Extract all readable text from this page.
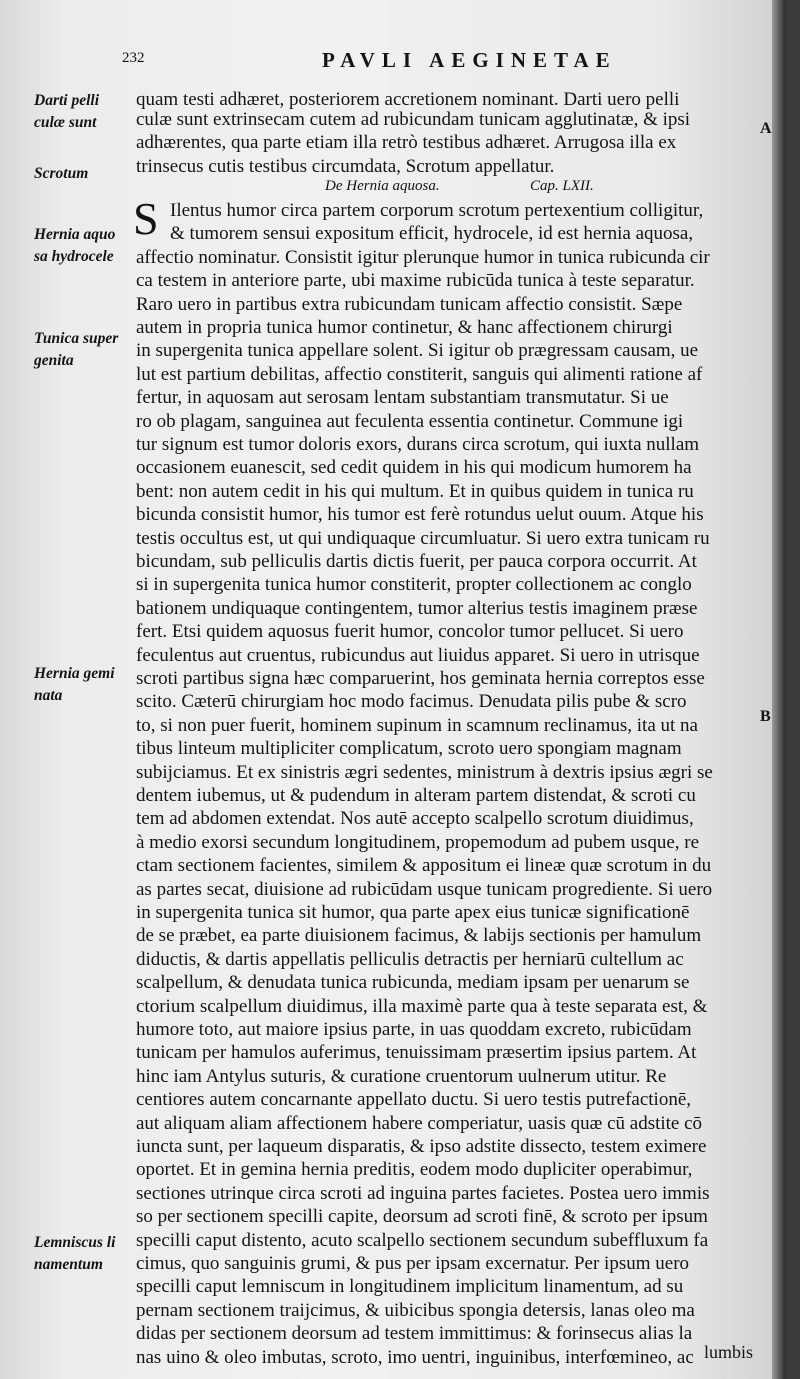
232	PAVLI AEGINETAE
A
B
Darti pelli
culæ sunt
Scrotum
Hernia aquo
sa hydrocele
Tunica super
genita
Hernia gemi
nata
Lemniscus li
namentum
De Hernia aquosa.	Cap. LXII.
S
quam testi adhæret, posteriorem accretionem nominant. Darti uero pelli
culæ sunt extrinsecam cutem ad rubicundam tunicam agglutinatæ, & ipsi
adhærentes, qua parte etiam illa retrò testibus adhæret. Arrugosa illa ex
trinsecus cutis testibus circumdata, Scrotum appellatur.
Ilentus humor circa partem corporum scrotum pertexentium colligitur,
& tumorem sensui expositum efficit, hydrocele, id est hernia aquosa,
affectio nominatur. Consistit igitur plerunque humor in tunica rubicunda cir
ca testem in anteriore parte, ubi maxime rubicūda tunica à teste separatur.
Raro uero in partibus extra rubicundam tunicam affectio consistit. Sæpe
autem in propria tunica humor continetur, & hanc affectionem chirurgi
in supergenita tunica appellare solent. Si igitur ob prægressam causam, ue
lut est partium debilitas, affectio constiterit, sanguis qui alimenti ratione af
fertur, in aquosam aut serosam lentam substantiam transmutatur. Si ue
ro ob plagam, sanguinea aut feculenta essentia continetur. Commune igi
tur signum est tumor doloris exors, durans circa scrotum, qui iuxta nullam
occasionem euanescit, sed cedit quidem in his qui modicum humorem ha
bent: non autem cedit in his qui multum. Et in quibus quidem in tunica ru
bicunda consistit humor, his tumor est ferè rotundus uelut ouum. Atque his
testis occultus est, ut qui undiquaque circumluatur. Si uero extra tunicam ru
bicundam, sub pelliculis dartis dictis fuerit, per pauca corpora occurrit. At
si in supergenita tunica humor constiterit, propter collectionem ac conglo
bationem undiquaque contingentem, tumor alterius testis imaginem præse
fert. Etsi quidem aquosus fuerit humor, concolor tumor pellucet. Si uero
feculentus aut cruentus, rubicundus aut liuidus apparet. Si uero in utrisque
scroti partibus signa hæc comparuerint, hos geminata hernia correptos esse
scito. Cæterū chirurgiam hoc modo facimus. Denudata pilis pube & scro
to, si non puer fuerit, hominem supinum in scamnum reclinamus, ita ut na
tibus linteum multipliciter complicatum, scroto uero spongiam magnam
subijciamus. Et ex sinistris ægri sedentes, ministrum à dextris ipsius ægri se
dentem iubemus, ut & pudendum in alteram partem distendat, & scroti cu
tem ad abdomen extendat. Nos autē accepto scalpello scrotum diuidimus,
à medio exorsi secundum longitudinem, propemodum ad pubem usque, re
ctam sectionem facientes, similem & appositum ei lineæ quæ scrotum in du
as partes secat, diuisione ad rubicūdam usque tunicam progrediente. Si uero
in supergenita tunica sit humor, qua parte apex eius tunicæ significationē
de se præbet, ea parte diuisionem facimus, & labijs sectionis per hamulum
diductis, & dartis appellatis pelliculis detractis per herniarū cultellum ac
scalpellum, & denudata tunica rubicunda, mediam ipsam per uenarum se
ctorium scalpellum diuidimus, illa maximè parte qua à teste separata est, &
humore toto, aut maiore ipsius parte, in uas quoddam excreto, rubicūdam
tunicam per hamulos auferimus, tenuissimam præsertim ipsius partem. At
hinc iam Antylus suturis, & curatione cruentorum uulnerum utitur. Re
centiores autem concarnante appellato ductu. Si uero testis putrefactionē,
aut aliquam aliam affectionem habere comperiatur, uasis quæ cū adstite cō
iuncta sunt, per laqueum disparatis, & ipso adstite dissecto, testem eximere
oportet. Et in gemina hernia preditis, eodem modo dupliciter operabimur,
sectiones utrinque circa scroti ad inguina partes facietes. Postea uero immis
so per sectionem specilli capite, deorsum ad scroti finē, & scroto per ipsum
specilli caput distento, acuto scalpello sectionem secundum subeffluxum fa
cimus, quo sanguinis grumi, & pus per ipsam excernatur. Per ipsum uero
specilli caput lemniscum in longitudinem implicitum linamentum, ad su
pernam sectionem traijcimus, & uibicibus spongia detersis, lanas oleo ma
didas per sectionem deorsum ad testem immittimus: & forinsecus alias la
nas uino & oleo imbutas, scroto, imo uentri, inguinibus, interfœmineo, ac lumbis
